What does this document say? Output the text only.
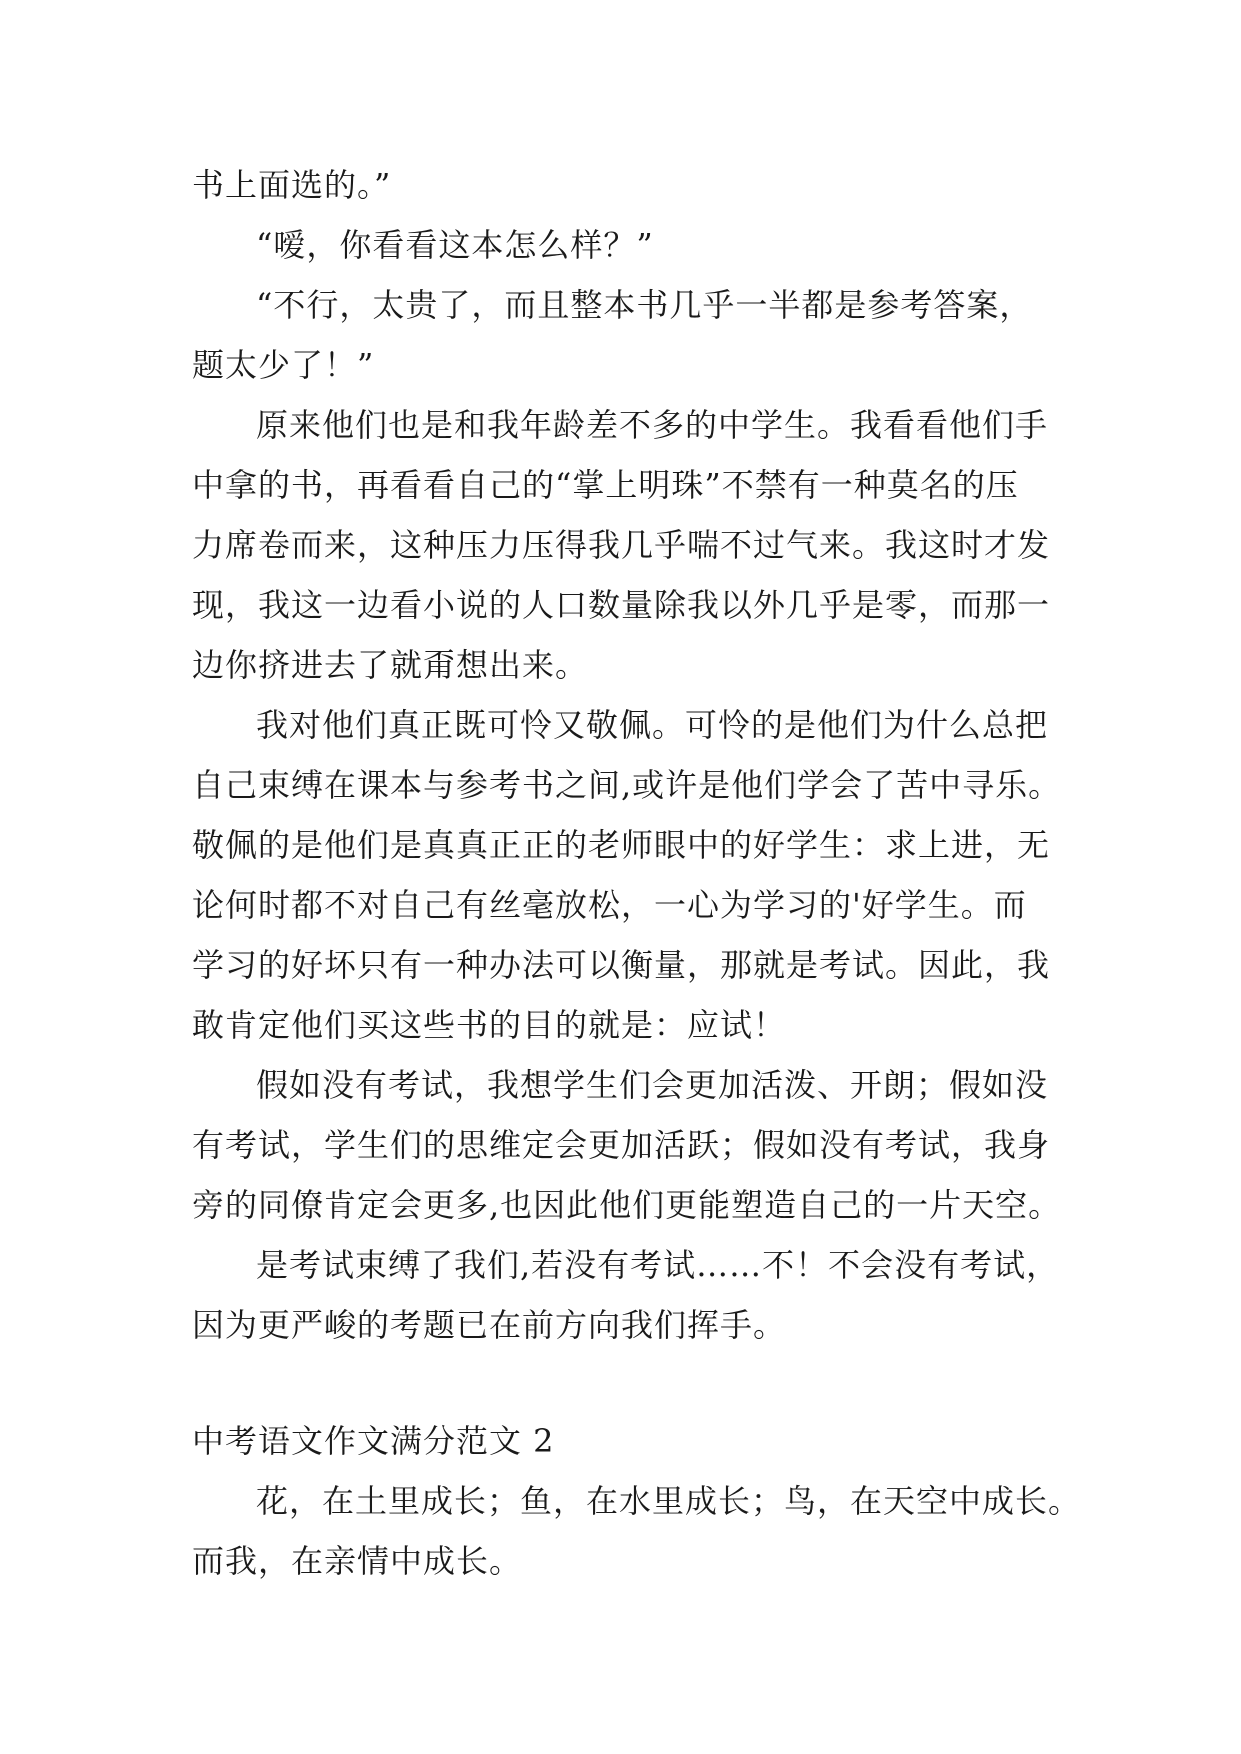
书上面选的。”
“嗳，你看看这本怎么样？”
“不行，太贵了，而且整本书几乎一半都是参考答案，
题太少了！”
原来他们也是和我年龄差不多的中学生。我看看他们手
中拿的书，再看看自己的“掌上明珠”不禁有一种莫名的压
力席卷而来，这种压力压得我几乎喘不过气来。我这时才发
现，我这一边看小说的人口数量除我以外几乎是零，而那一
边你挤进去了就甭想出来。
我对他们真正既可怜又敬佩。可怜的是他们为什么总把
自己束缚在课本与参考书之间,或许是他们学会了苦中寻乐。
敬佩的是他们是真真正正的老师眼中的好学生：求上进，无
论何时都不对自己有丝毫放松，一心为学习的'好学生。而
学习的好坏只有一种办法可以衡量，那就是考试。因此，我
敢肯定他们买这些书的目的就是：应试！
假如没有考试，我想学生们会更加活泼、开朗；假如没
有考试，学生们的思维定会更加活跃；假如没有考试，我身
旁的同僚肯定会更多,也因此他们更能塑造自己的一片天空。
是考试束缚了我们,若没有考试……不！不会没有考试，
因为更严峻的考题已在前方向我们挥手。
中考语文作文满分范文 2
花，在土里成长；鱼，在水里成长；鸟，在天空中成长。
而我，在亲情中成长。
